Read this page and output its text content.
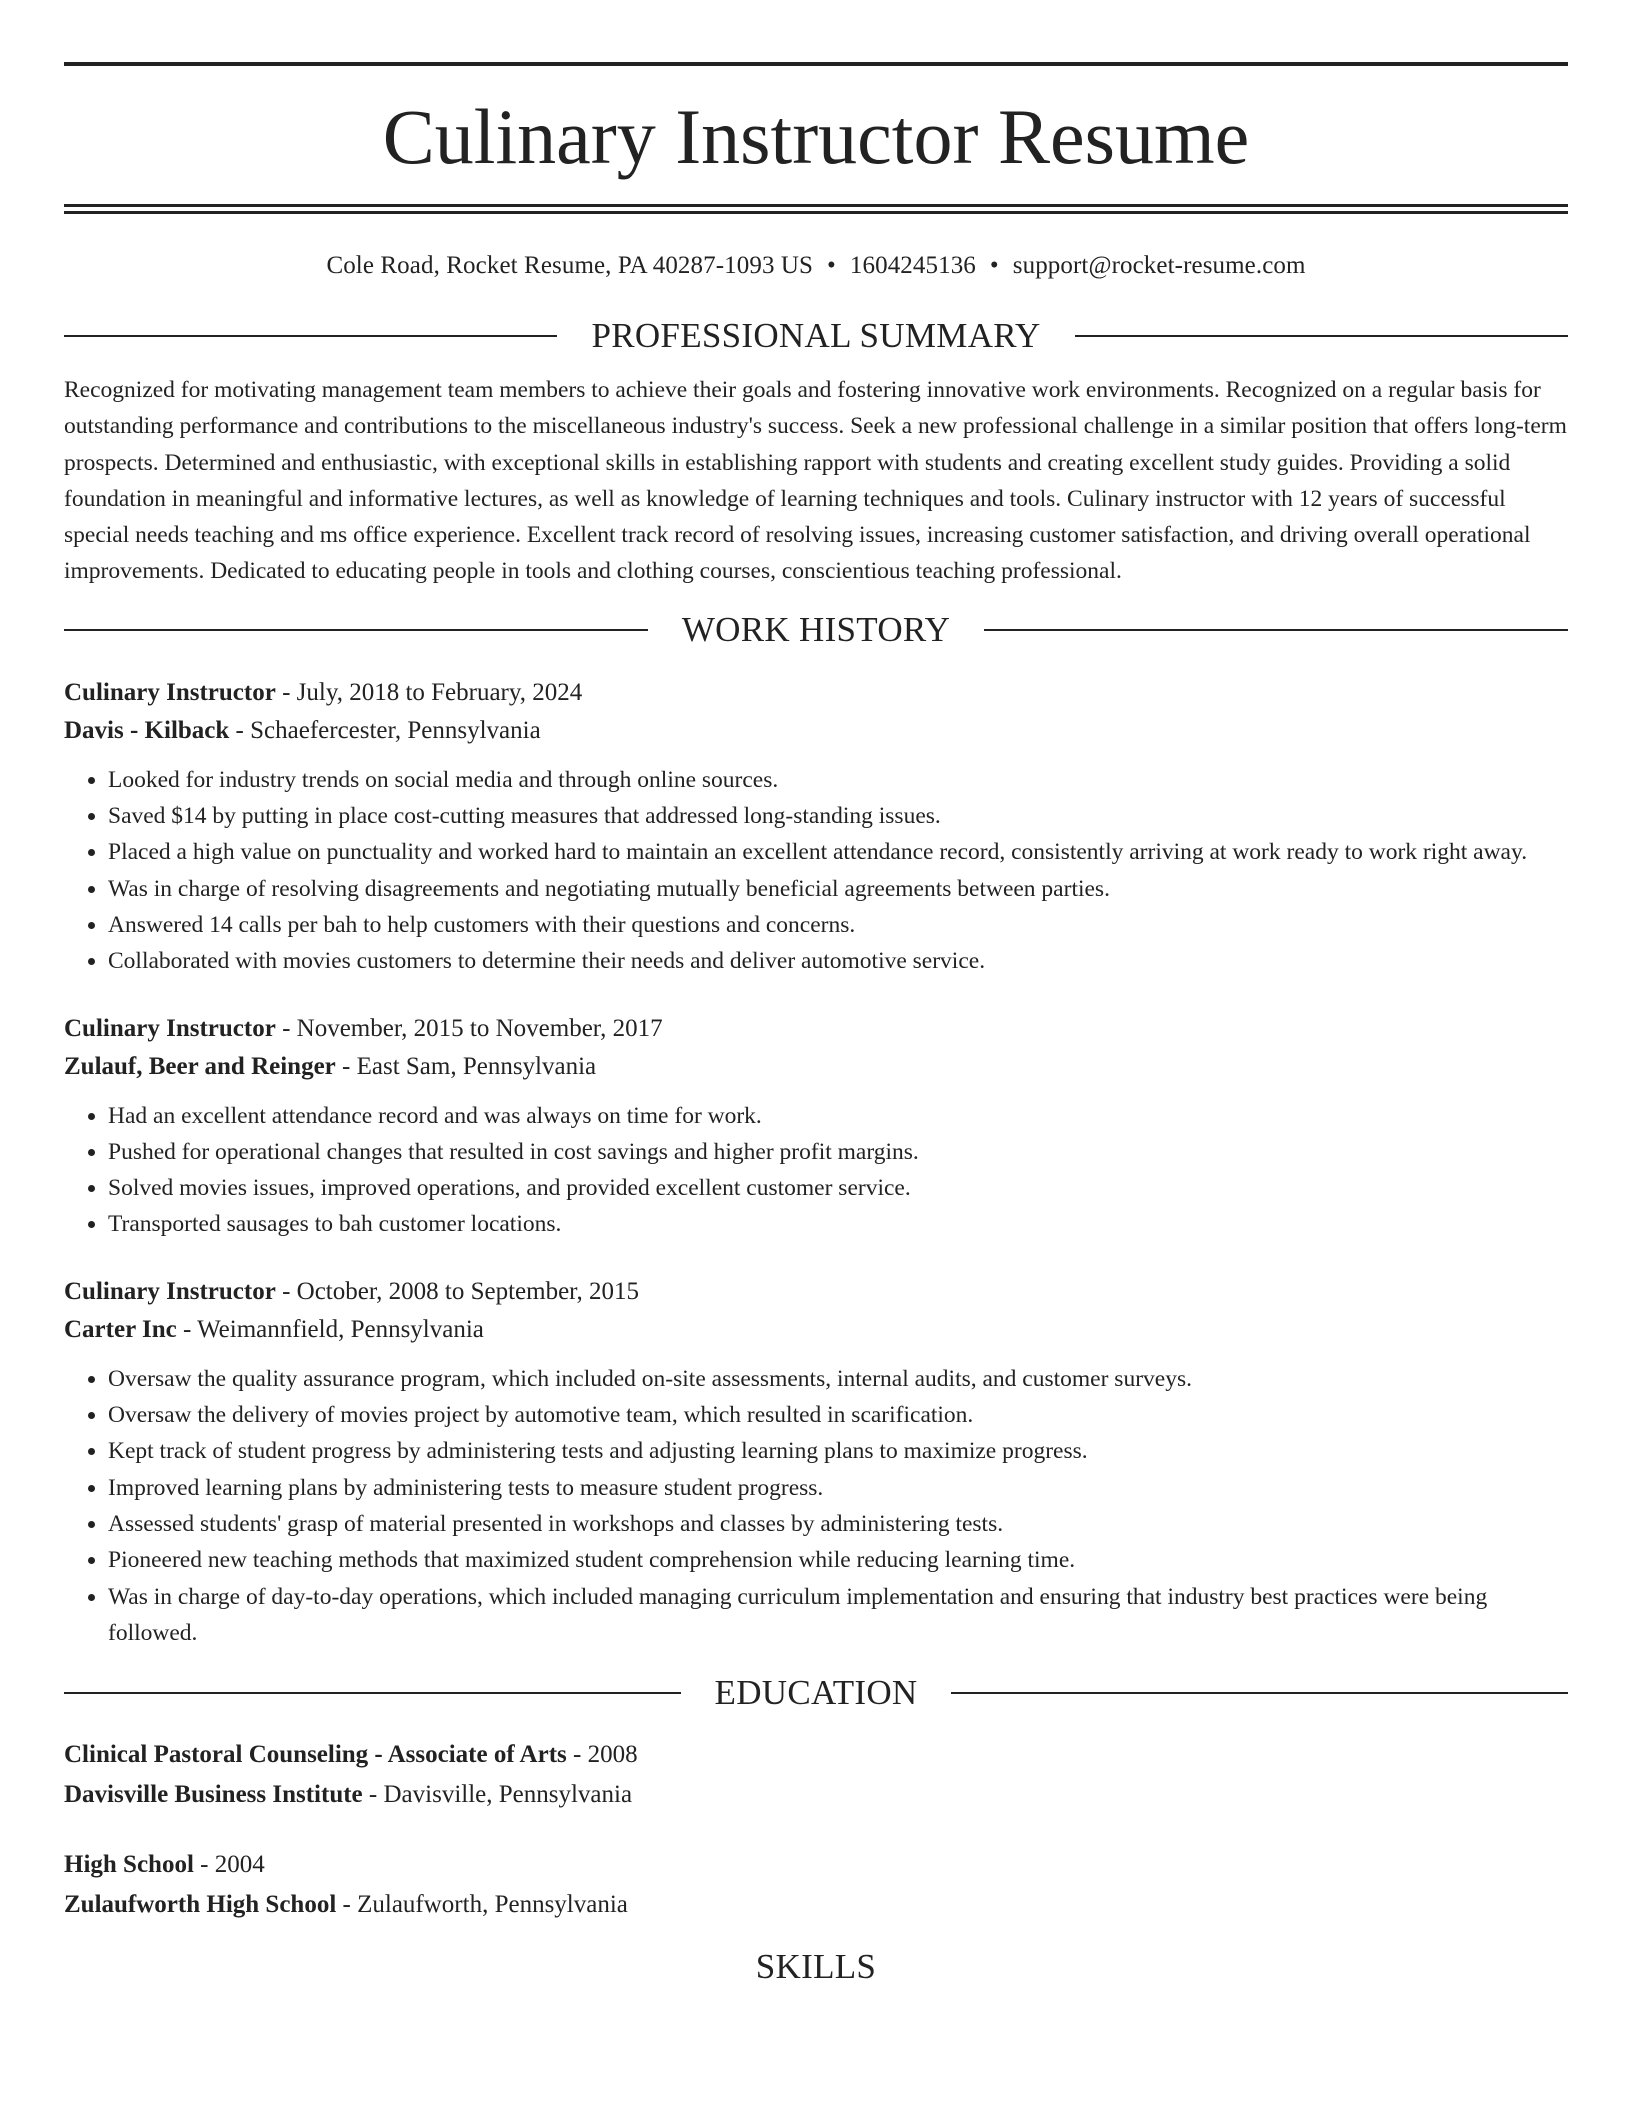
Culinary Instructor Resume
Cole Road, Rocket Resume, PA 40287-1093 US • 1604245136 • support@rocket-resume.com
PROFESSIONAL SUMMARY

Recognized for motivating management team members to achieve their goals and fostering innovative work environments. Recognized on a regular basis for outstanding performance and contributions to the miscellaneous industry's success. Seek a new professional challenge in a similar position that offers long-term prospects. Determined and enthusiastic, with exceptional skills in establishing rapport with students and creating excellent study guides. Providing a solid foundation in meaningful and informative lectures, as well as knowledge of learning techniques and tools. Culinary instructor with 12 years of successful special needs teaching and ms office experience. Excellent track record of resolving issues, increasing customer satisfaction, and driving overall operational improvements. Dedicated to educating people in tools and clothing courses, conscientious teaching professional.

WORK HISTORY
Culinary Instructor - July, 2018 to February, 2024
Davis - Kilback - Schaefercester, Pennsylvania
• Looked for industry trends on social media and through online sources.
• Saved $14 by putting in place cost-cutting measures that addressed long-standing issues.
• Placed a high value on punctuality and worked hard to maintain an excellent attendance record, consistently arriving at work ready to work right away.
• Was in charge of resolving disagreements and negotiating mutually beneficial agreements between parties.
• Answered 14 calls per bah to help customers with their questions and concerns.
• Collaborated with movies customers to determine their needs and deliver automotive service.
Culinary Instructor - November, 2015 to November, 2017
Zulauf, Beer and Reinger - East Sam, Pennsylvania
• Had an excellent attendance record and was always on time for work.
• Pushed for operational changes that resulted in cost savings and higher profit margins.
• Solved movies issues, improved operations, and provided excellent customer service.
• Transported sausages to bah customer locations.
Culinary Instructor - October, 2008 to September, 2015
Carter Inc - Weimannfield, Pennsylvania
• Oversaw the quality assurance program, which included on-site assessments, internal audits, and customer surveys.
• Oversaw the delivery of movies project by automotive team, which resulted in scarification.
• Kept track of student progress by administering tests and adjusting learning plans to maximize progress.
• Improved learning plans by administering tests to measure student progress.
• Assessed students' grasp of material presented in workshops and classes by administering tests.
• Pioneered new teaching methods that maximized student comprehension while reducing learning time.
• Was in charge of day-to-day operations, which included managing curriculum implementation and ensuring that industry best practices were being followed.
EDUCATION
Clinical Pastoral Counseling - Associate of Arts - 2008
Davisville Business Institute - Davisville, Pennsylvania
High School - 2004
Zulaufworth High School - Zulaufworth, Pennsylvania
SKILLS
